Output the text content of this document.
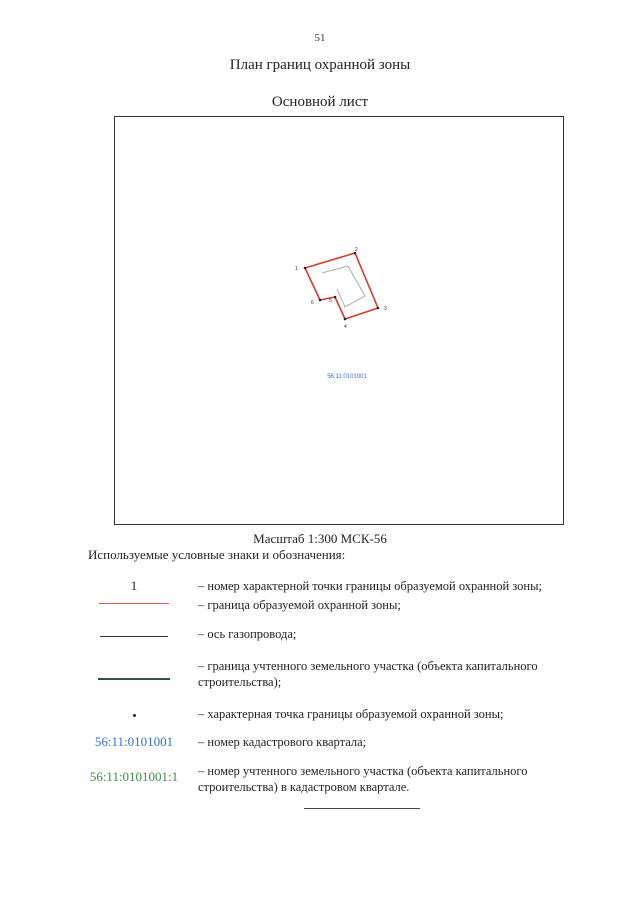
51
План границ охранной зоны
Основной лист
1
2
3
4
5
6
56:11:0101001
Масштаб 1:300 МСК-56
Используемые условные знаки и обозначения:
1	– номер характерной точки границы образуемой охранной зоны;
– граница образуемой охранной зоны;
– ось газопровода;
– граница учтенного земельного участка (объекта капитального строительства);
– характерная точка границы образуемой охранной зоны;
56:11:0101001	– номер кадастрового квартала;
56:11:0101001:1	– номер учтенного земельного участка (объекта капитального строительства) в кадастровом квартале.
